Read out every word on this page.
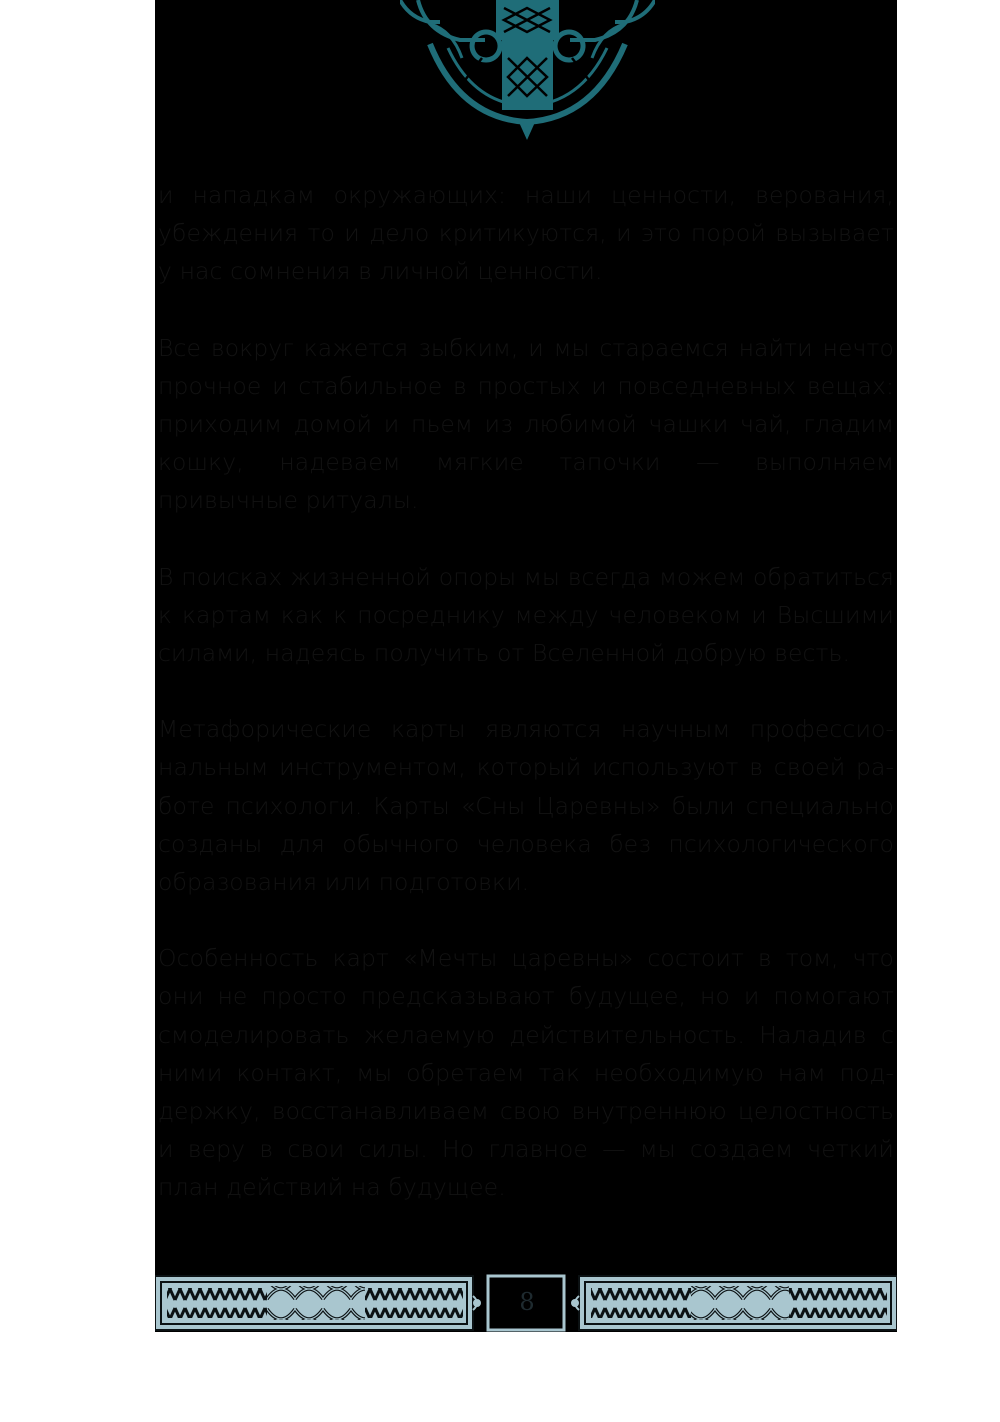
и нападкам окружающих: наши ценности, верования, убеждения то и дело критикуются, и это порой вызывает у нас сомнения в личной ценности.

Все вокруг кажется зыбким, и мы стараемся найти нечто прочное и стабильное в простых и повседневных вещах: приходим домой и пьем из любимой чашки чай, гладим кошку, надеваем мягкие тапочки — выполняем привычные ритуалы.

В поисках жизненной опоры мы всегда можем обратиться к картам как к посреднику между человеком и Высшими силами, надеясь получить от Вселенной добрую весть.

Метафорические карты являются научным профессиональным инструментом, который используют в своей работе психологи. Карты «Сны Царевны» были специально созданы для обычного человека без психологического образования или подготовки.

Особенность карт «Мечты царевны» состоит в том, что они не просто предсказывают будущее, но и помогают смоделировать желаемую действительность. Наладив с ними контакт, мы обретаем так необходимую нам поддержку, восстанавливаем свою внутреннюю целостность и веру в свои силы. Но главное — мы создаем четкий план действий на будущее.

8
